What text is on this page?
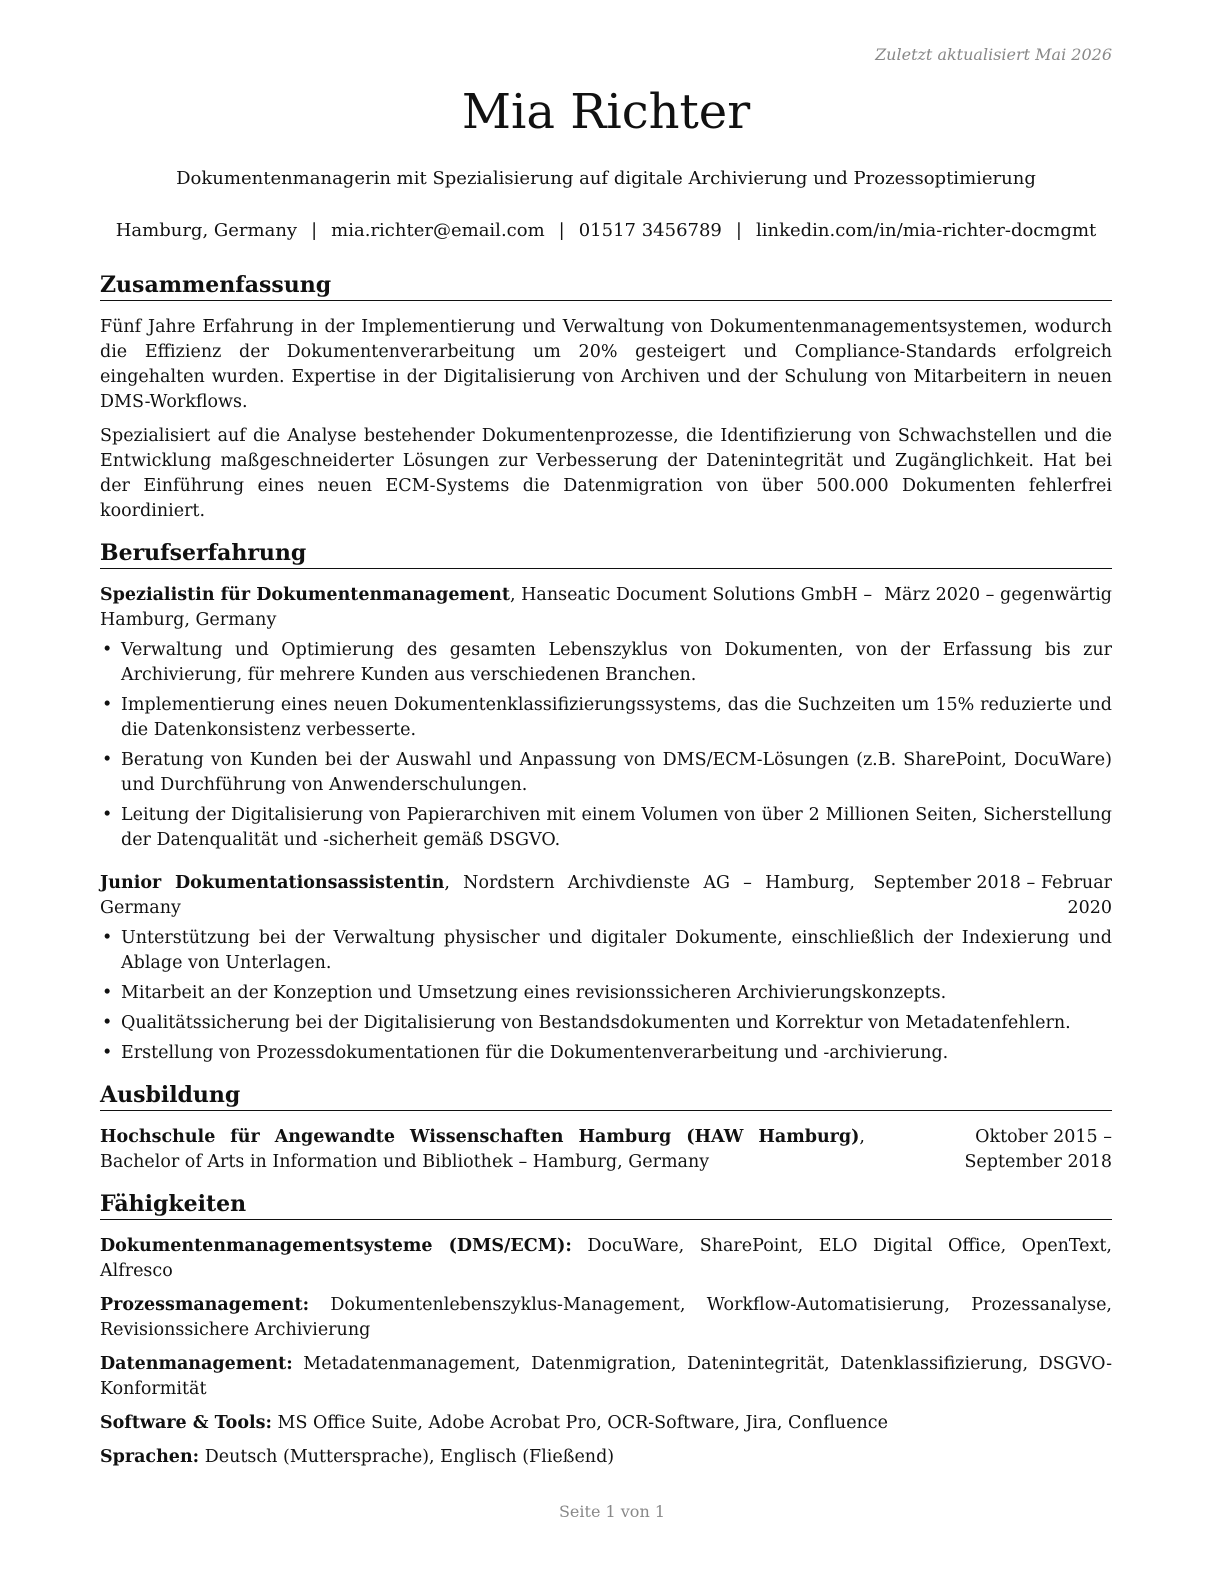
Zuletzt aktualisiert Mai 2026
Mia Richter
Dokumentenmanagerin mit Spezialisierung auf digitale Archivierung und Prozessoptimierung
Hamburg, Germany | mia.richter@email.com | 01517 3456789 | linkedin.com/in/mia-richter-docmgmt
Zusammenfassung

Fünf Jahre Erfahrung in der Implementierung und Verwaltung von Dokumentenmanagementsystemen, wodurch die Effizienz der Dokumentenverarbeitung um 20% gesteigert und Compliance-Standards erfolgreich eingehalten wurden. Expertise in der Digitalisierung von Archiven und der Schulung von Mitarbeitern in neuen DMS-Workflows.

Spezialisiert auf die Analyse bestehender Dokumentenprozesse, die Identifizierung von Schwachstellen und die Entwicklung maßgeschneiderter Lösungen zur Verbesserung der Datenintegrität und Zugänglichkeit. Hat bei der Einführung eines neuen ECM-Systems die Datenmigration von über 500.000 Dokumenten fehlerfrei koordiniert.

Berufserfahrung
Spezialistin für Dokumentenmanagement, Hanseatic Document Solutions GmbH – Hamburg, Germany
März 2020 – gegenwärtig
• Verwaltung und Optimierung des gesamten Lebenszyklus von Dokumenten, von der Erfassung bis zur Archivierung, für mehrere Kunden aus verschiedenen Branchen.
• Implementierung eines neuen Dokumentenklassifizierungssystems, das die Suchzeiten um 15% reduzierte und die Datenkonsistenz verbesserte.
• Beratung von Kunden bei der Auswahl und Anpassung von DMS/ECM-Lösungen (z.B. SharePoint, DocuWare) und Durchführung von Anwenderschulungen.
• Leitung der Digitalisierung von Papierarchiven mit einem Volumen von über 2 Millionen Seiten, Sicherstellung der Datenqualität und -sicherheit gemäß DSGVO.
Junior Dokumentationsassistentin, Nordstern Archivdienste AG – Hamburg, Germany
September 2018 – Februar 2020
• Unterstützung bei der Verwaltung physischer und digitaler Dokumente, einschließlich der Indexierung und Ablage von Unterlagen.
• Mitarbeit an der Konzeption und Umsetzung eines revisionssicheren Archivierungskonzepts.
• Qualitätssicherung bei der Digitalisierung von Bestandsdokumenten und Korrektur von Metadatenfehlern.
• Erstellung von Prozessdokumentationen für die Dokumentenverarbeitung und -archivierung.
Ausbildung
Hochschule für Angewandte Wissenschaften Hamburg (HAW Hamburg), Bachelor of Arts in Information und Bibliothek – Hamburg, Germany
Oktober 2015 – September 2018
Fähigkeiten
Dokumentenmanagementsysteme (DMS/ECM): DocuWare, SharePoint, ELO Digital Office, OpenText, Alfresco
Prozessmanagement: Dokumentenlebenszyklus-Management, Workflow-Automatisierung, Prozessanalyse, Revisionssichere Archivierung
Datenmanagement: Metadatenmanagement, Datenmigration, Datenintegrität, Datenklassifizierung, DSGVO-Konformität
Software & Tools: MS Office Suite, Adobe Acrobat Pro, OCR-Software, Jira, Confluence
Sprachen: Deutsch (Muttersprache), Englisch (Fließend)
Seite 1 von 1
